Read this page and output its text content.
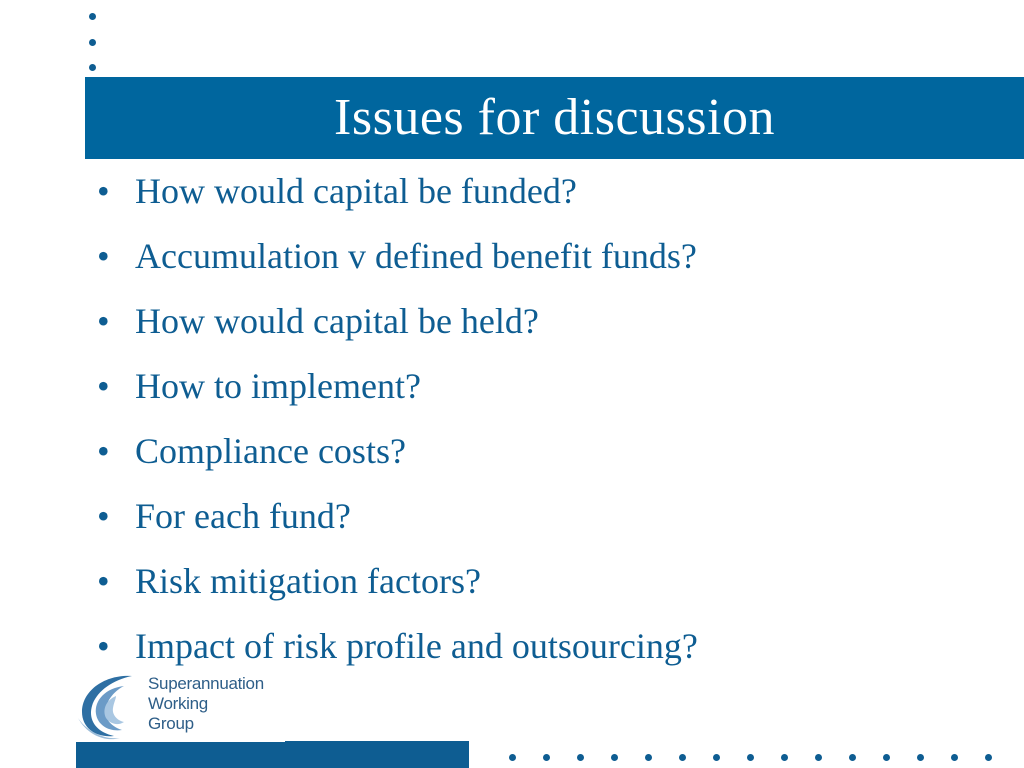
Issues for discussion
• How would capital be funded?
• Accumulation v defined benefit funds?
• How would capital be held?
• How to implement?
• Compliance costs?
• For each fund?
• Risk mitigation factors?
• Impact of risk profile and outsourcing?
Superannuation
Working
Group
